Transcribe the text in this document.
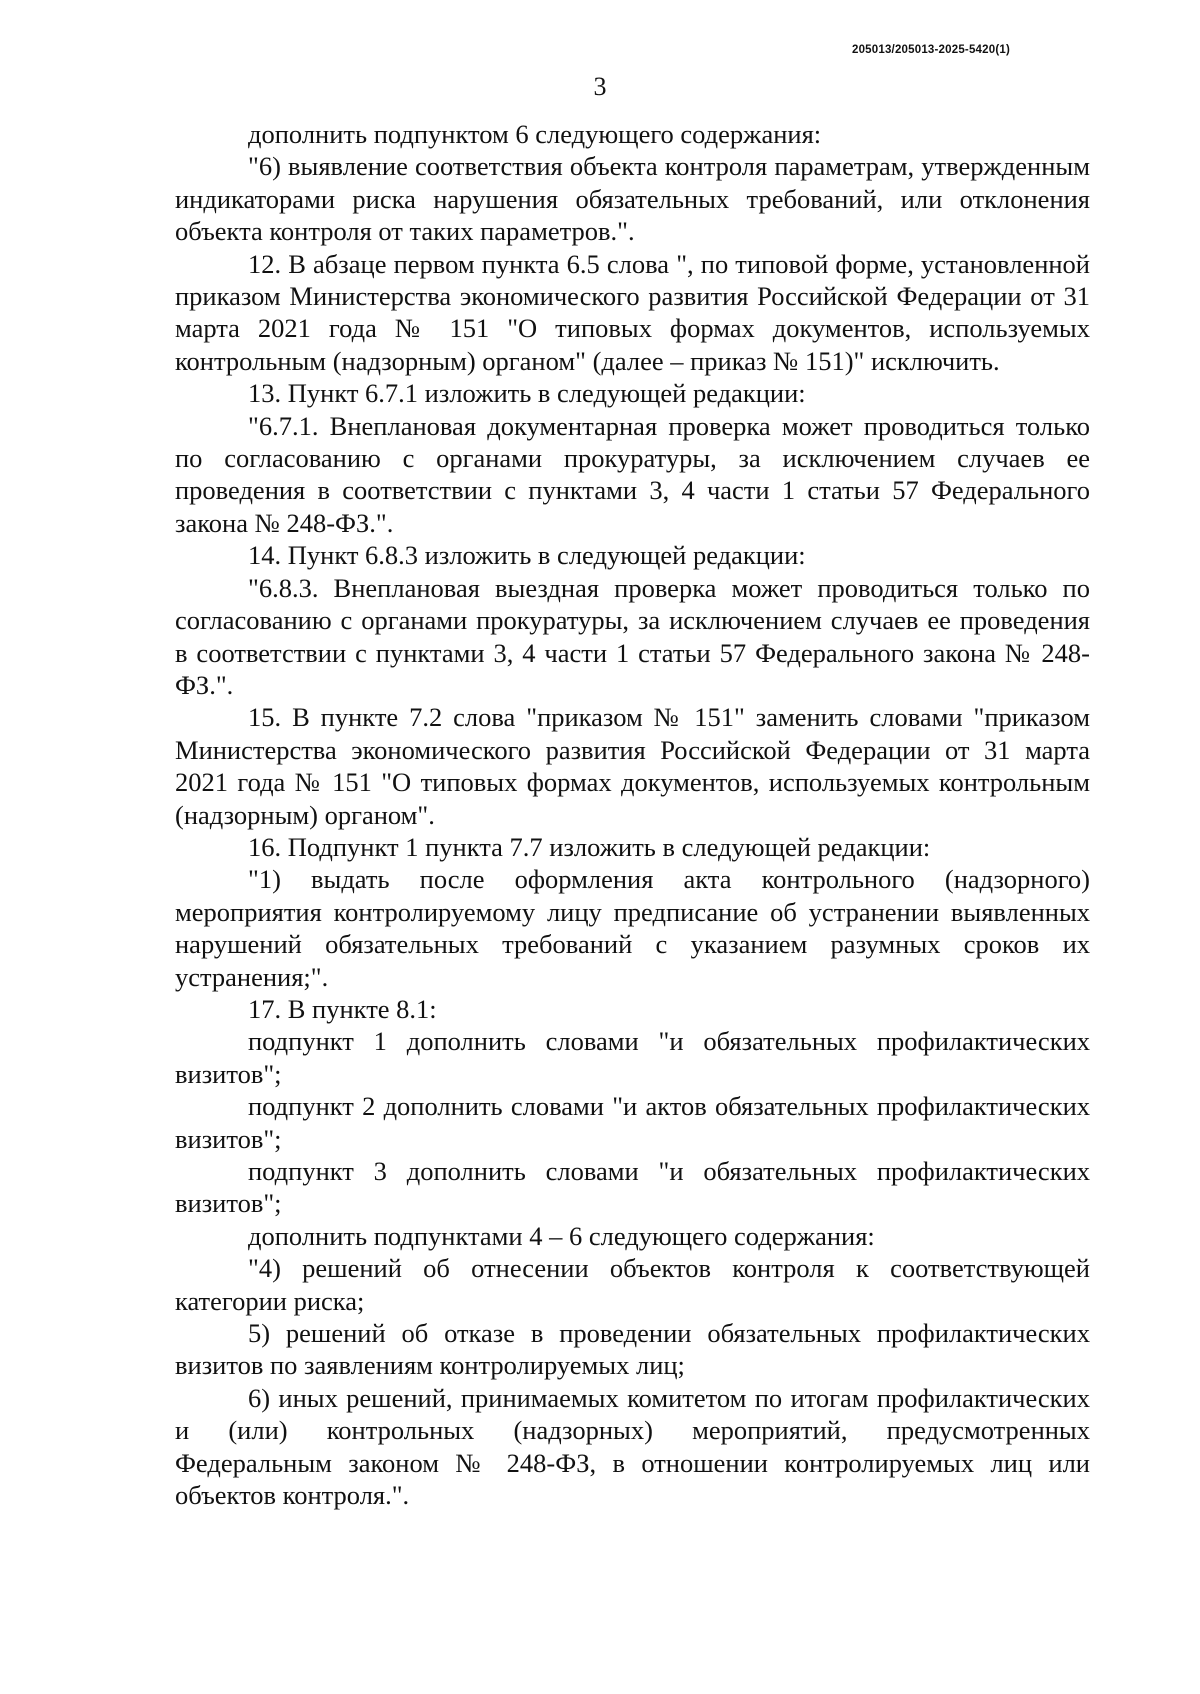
205013/205013-2025-5420(1)
3

дополнить подпунктом 6 следующего содержания:

"6) выявление соответствия объекта контроля параметрам, утвержденным индикаторами риска нарушения обязательных требований, или отклонения объекта контроля от таких параметров.".

12. В абзаце первом пункта 6.5 слова ", по типовой форме, установленной приказом Министерства экономического развития Российской Федерации от 31 марта 2021 года № 151 "О типовых формах документов, используемых контрольным (надзорным) органом" (далее – приказ № 151)" исключить.

13. Пункт 6.7.1 изложить в следующей редакции:

"6.7.1. Внеплановая документарная проверка может проводиться только по согласованию с органами прокуратуры, за исключением случаев ее проведения в соответствии с пунктами 3, 4 части 1 статьи 57 Федерального закона № 248-ФЗ.".

14. Пункт 6.8.3 изложить в следующей редакции:

"6.8.3. Внеплановая выездная проверка может проводиться только по согласованию с органами прокуратуры, за исключением случаев ее проведения в соответствии с пунктами 3, 4 части 1 статьи 57 Федерального закона № 248-ФЗ.".

15. В пункте 7.2 слова "приказом № 151" заменить словами "приказом Министерства экономического развития Российской Федерации от 31 марта 2021 года № 151 "О типовых формах документов, используемых контрольным (надзорным) органом".

16. Подпункт 1 пункта 7.7 изложить в следующей редакции:

"1) выдать после оформления акта контрольного (надзорного) мероприятия контролируемому лицу предписание об устранении выявленных нарушений обязательных требований с указанием разумных сроков их устранения;".

17. В пункте 8.1:

подпункт 1 дополнить словами "и обязательных профилактических визитов";

подпункт 2 дополнить словами "и актов обязательных профилактических визитов";

подпункт 3 дополнить словами "и обязательных профилактических визитов";

дополнить подпунктами 4 – 6 следующего содержания:

"4) решений об отнесении объектов контроля к соответствующей категории риска;

5) решений об отказе в проведении обязательных профилактических визитов по заявлениям контролируемых лиц;

6) иных решений, принимаемых комитетом по итогам профилактических и (или) контрольных (надзорных) мероприятий, предусмотренных Федеральным законом № 248-ФЗ, в отношении контролируемых лиц или объектов контроля.".
